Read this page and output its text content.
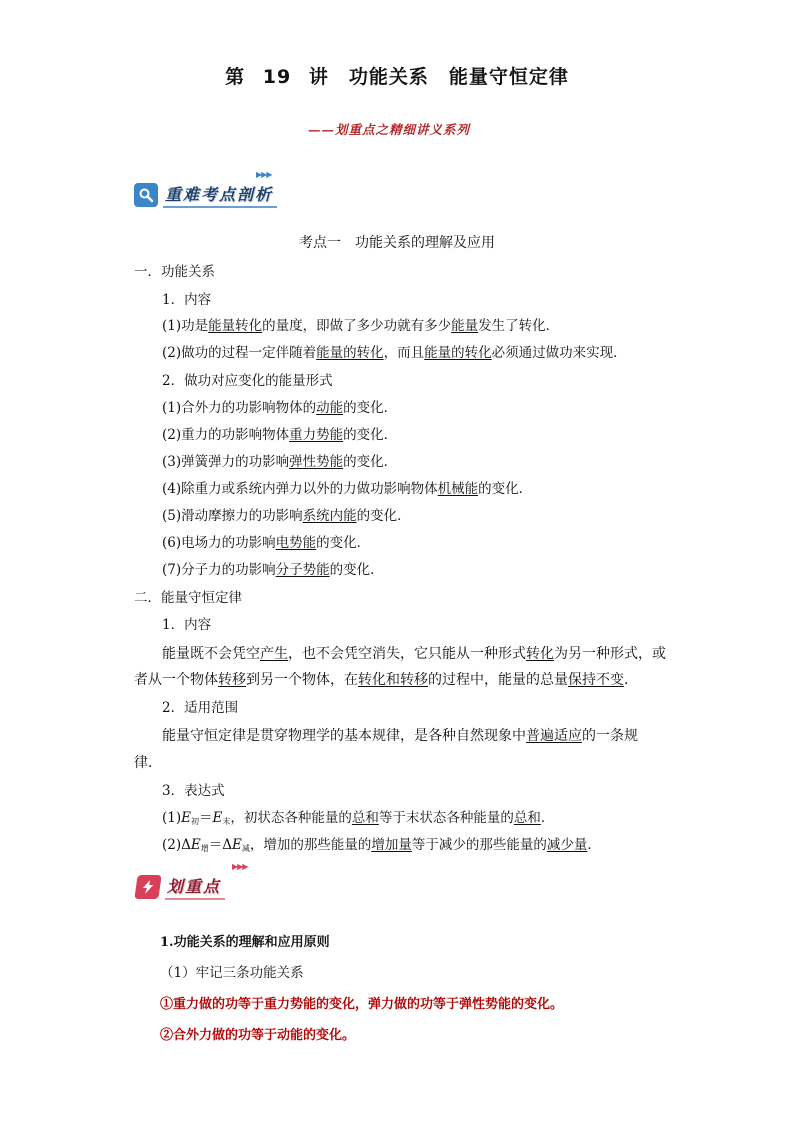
第 19 讲　功能关系　能量守恒定律
——划重点之精细讲义系列
重难考点剖析
▶▶▶
考点一　功能关系的理解及应用
一．功能关系
1．内容
(1)功是能量转化的量度，即做了多少功就有多少能量发生了转化．
(2)做功的过程一定伴随着能量的转化，而且能量的转化必须通过做功来实现．
2．做功对应变化的能量形式
(1)合外力的功影响物体的动能的变化．
(2)重力的功影响物体重力势能的变化．
(3)弹簧弹力的功影响弹性势能的变化．
(4)除重力或系统内弹力以外的力做功影响物体机械能的变化．
(5)滑动摩擦力的功影响系统内能的变化．
(6)电场力的功影响电势能的变化．
(7)分子力的功影响分子势能的变化．
二．能量守恒定律
1．内容
能量既不会凭空产生，也不会凭空消失，它只能从一种形式转化为另一种形式，或
者从一个物体转移到另一个物体，在转化和转移的过程中，能量的总量保持不变．
2．适用范围
能量守恒定律是贯穿物理学的基本规律，是各种自然现象中普遍适应的一条规
律．
3．表达式
$(1)E_初=E_末$，初状态各种能量的总和等于末状态各种能量的总和．
$(2)\Delta E_增=\Delta E_减$，增加的那些能量的增加量等于减少的那些能量的减少量．
划重点
▶▶▶
1.功能关系的理解和应用原则
（1）牢记三条功能关系
①重力做的功等于重力势能的变化，弹力做的功等于弹性势能的变化。
②合外力做的功等于动能的变化。
